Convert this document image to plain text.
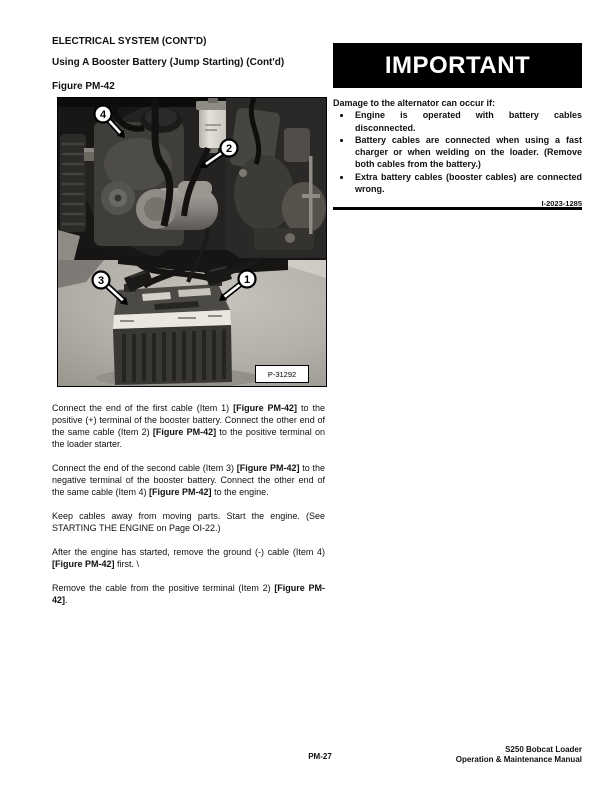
ELECTRICAL SYSTEM (CONT'D)
Using A Booster Battery (Jump Starting) (Cont'd)
Figure PM-42
P-31292
4
2
3	1

Connect the end of the first cable (Item 1) [Figure PM-42] to the positive (+) terminal of the booster battery. Connect the other end of the same cable (Item 2) [Figure PM-42] to the positive terminal on the loader starter.

Connect the end of the second cable (Item 3) [Figure PM-42] to the negative terminal of the booster battery. Connect the other end of the same cable (Item 4) [Figure PM-42] to the engine.

Keep cables away from moving parts. Start the engine. (See STARTING THE ENGINE on Page OI-22.)

After the engine has started, remove the ground (-) cable (Item 4) [Figure PM-42] first. \

Remove the cable from the positive terminal (Item 2) [Figure PM-42].

IMPORTANT

Damage to the alternator can occur if:

Engine is operated with battery cables disconnected.
Battery cables are connected when using a fast charger or when welding on the loader. (Remove both cables from the battery.)
Extra battery cables (booster cables) are connected wrong.
I-2023-1285
PM-27
S250 Bobcat Loader
Operation & Maintenance Manual
